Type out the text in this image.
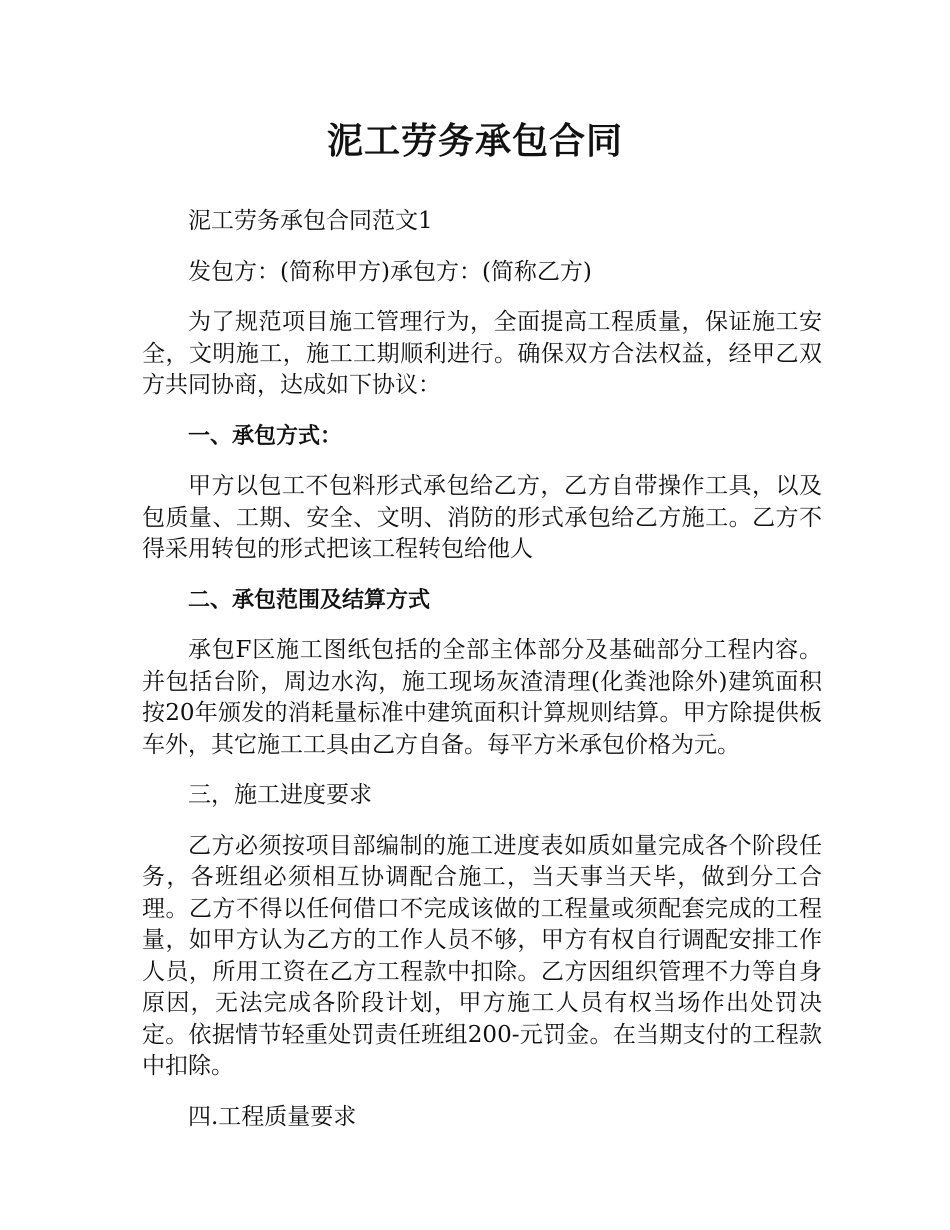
泥工劳务承包合同

泥工劳务承包合同范文1

发包方：(简称甲方)承包方：(简称乙方)

为了规范项目施工管理行为，全面提高工程质量，保证施工安全，文明施工，施工工期顺利进行。确保双方合法权益，经甲乙双方共同协商，达成如下协议：

一、承包方式：

甲方以包工不包料形式承包给乙方，乙方自带操作工具，以及包质量、工期、安全、文明、消防的形式承包给乙方施工。乙方不得采用转包的形式把该工程转包给他人

二、承包范围及结算方式

承包F区施工图纸包括的全部主体部分及基础部分工程内容。并包括台阶，周边水沟，施工现场灰渣清理(化粪池除外)建筑面积按20年颁发的消耗量标准中建筑面积计算规则结算。甲方除提供板车外，其它施工工具由乙方自备。每平方米承包价格为元。

三，施工进度要求

乙方必须按项目部编制的施工进度表如质如量完成各个阶段任务，各班组必须相互协调配合施工，当天事当天毕，做到分工合理。乙方不得以任何借口不完成该做的工程量或须配套完成的工程量，如甲方认为乙方的工作人员不够，甲方有权自行调配安排工作人员，所用工资在乙方工程款中扣除。乙方因组织管理不力等自身原因，无法完成各阶段计划，甲方施工人员有权当场作出处罚决定。依据情节轻重处罚责任班组200-元罚金。在当期支付的工程款中扣除。

四.工程质量要求
